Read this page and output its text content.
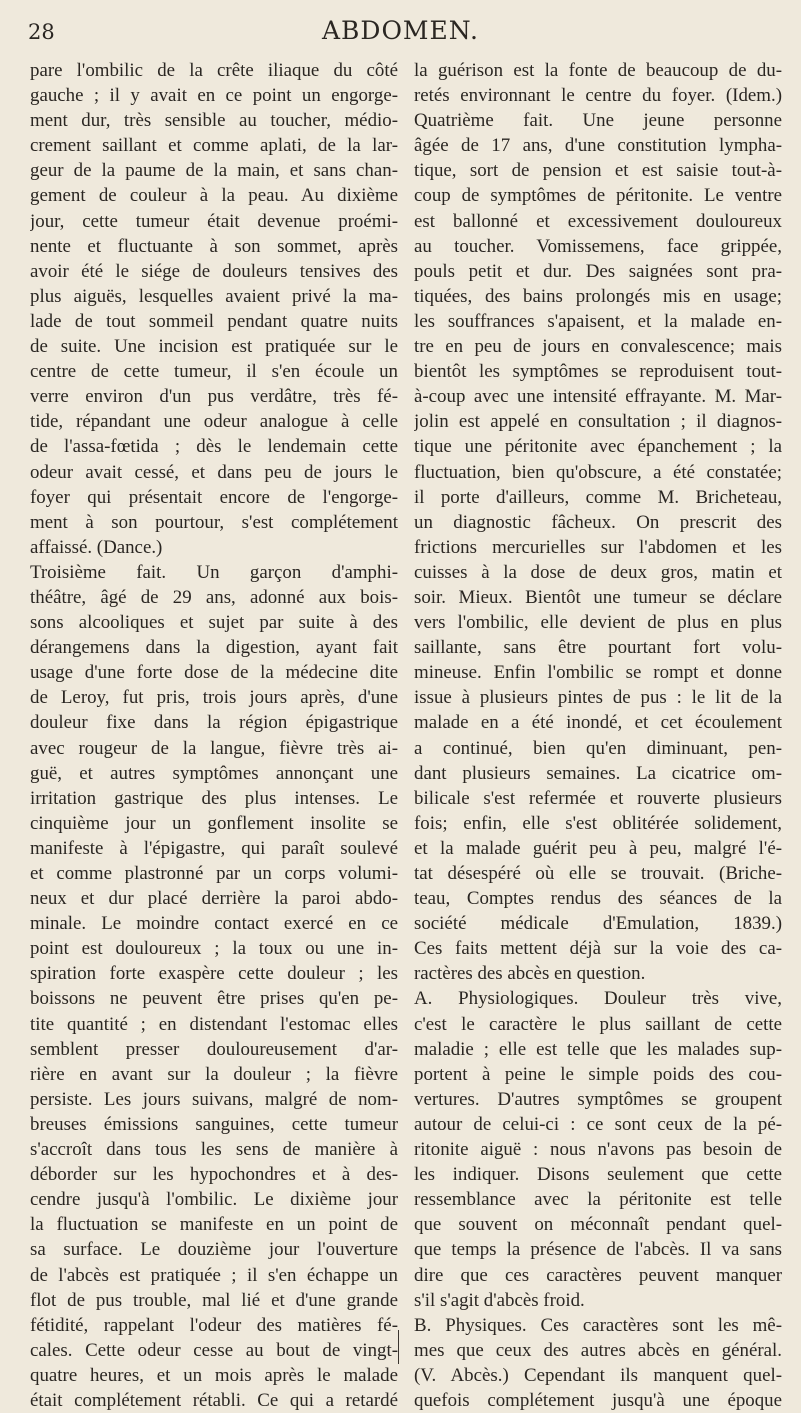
28	ABDOMEN.
pare l'ombilic de la crête iliaque du côté
gauche ; il y avait en ce point un engorge-
ment dur, très sensible au toucher, médio-
crement saillant et comme aplati, de la lar-
geur de la paume de la main, et sans chan-
gement de couleur à la peau. Au dixième
jour, cette tumeur était devenue proémi-
nente et fluctuante à son sommet, après
avoir été le siége de douleurs tensives des
plus aiguës, lesquelles avaient privé la ma-
lade de tout sommeil pendant quatre nuits
de suite. Une incision est pratiquée sur le
centre de cette tumeur, il s'en écoule un
verre environ d'un pus verdâtre, très fé-
tide, répandant une odeur analogue à celle
de l'assa-fœtida ; dès le lendemain cette
odeur avait cessé, et dans peu de jours le
foyer qui présentait encore de l'engorge-
ment à son pourtour, s'est complétement
affaissé. (Dance.)
Troisième fait. Un garçon d'amphi-
théâtre, âgé de 29 ans, adonné aux bois-
sons alcooliques et sujet par suite à des
dérangemens dans la digestion, ayant fait
usage d'une forte dose de la médecine dite
de Leroy, fut pris, trois jours après, d'une
douleur fixe dans la région épigastrique
avec rougeur de la langue, fièvre très ai-
guë, et autres symptômes annonçant une
irritation gastrique des plus intenses. Le
cinquième jour un gonflement insolite se
manifeste à l'épigastre, qui paraît soulevé
et comme plastronné par un corps volumi-
neux et dur placé derrière la paroi abdo-
minale. Le moindre contact exercé en ce
point est douloureux ; la toux ou une in-
spiration forte exaspère cette douleur ; les
boissons ne peuvent être prises qu'en pe-
tite quantité ; en distendant l'estomac elles
semblent presser douloureusement d'ar-
rière en avant sur la douleur ; la fièvre
persiste. Les jours suivans, malgré de nom-
breuses émissions sanguines, cette tumeur
s'accroît dans tous les sens de manière à
déborder sur les hypochondres et à des-
cendre jusqu'à l'ombilic. Le dixième jour
la fluctuation se manifeste en un point de
sa surface. Le douzième jour l'ouverture
de l'abcès est pratiquée ; il s'en échappe un
flot de pus trouble, mal lié et d'une grande
fétidité, rappelant l'odeur des matières fé-
cales. Cette odeur cesse au bout de vingt-
quatre heures, et un mois après le malade
était complétement rétabli. Ce qui a retardé
la guérison est la fonte de beaucoup de du-
retés environnant le centre du foyer. (Idem.)
Quatrième fait. Une jeune personne
âgée de 17 ans, d'une constitution lympha-
tique, sort de pension et est saisie tout-à-
coup de symptômes de péritonite. Le ventre
est ballonné et excessivement douloureux
au toucher. Vomissemens, face grippée,
pouls petit et dur. Des saignées sont pra-
tiquées, des bains prolongés mis en usage;
les souffrances s'apaisent, et la malade en-
tre en peu de jours en convalescence; mais
bientôt les symptômes se reproduisent tout-
à-coup avec une intensité effrayante. M. Mar-
jolin est appelé en consultation ; il diagnos-
tique une péritonite avec épanchement ; la
fluctuation, bien qu'obscure, a été constatée;
il porte d'ailleurs, comme M. Bricheteau,
un diagnostic fâcheux. On prescrit des
frictions mercurielles sur l'abdomen et les
cuisses à la dose de deux gros, matin et
soir. Mieux. Bientôt une tumeur se déclare
vers l'ombilic, elle devient de plus en plus
saillante, sans être pourtant fort volu-
mineuse. Enfin l'ombilic se rompt et donne
issue à plusieurs pintes de pus : le lit de la
malade en a été inondé, et cet écoulement
a continué, bien qu'en diminuant, pen-
dant plusieurs semaines. La cicatrice om-
bilicale s'est refermée et rouverte plusieurs
fois; enfin, elle s'est oblitérée solidement,
et la malade guérit peu à peu, malgré l'é-
tat désespéré où elle se trouvait. (Briche-
teau, Comptes rendus des séances de la
société médicale d'Emulation, 1839.)
Ces faits mettent déjà sur la voie des ca-
ractères des abcès en question.
A. Physiologiques. Douleur très vive,
c'est le caractère le plus saillant de cette
maladie ; elle est telle que les malades sup-
portent à peine le simple poids des cou-
vertures. D'autres symptômes se groupent
autour de celui-ci : ce sont ceux de la pé-
ritonite aiguë : nous n'avons pas besoin de
les indiquer. Disons seulement que cette
ressemblance avec la péritonite est telle
que souvent on méconnaît pendant quel-
que temps la présence de l'abcès. Il va sans
dire que ces caractères peuvent manquer
s'il s'agit d'abcès froid.
B. Physiques. Ces caractères sont les mê-
mes que ceux des autres abcès en général.
(V. Abcès.) Cependant ils manquent quel-
quefois complétement jusqu'à une époque
